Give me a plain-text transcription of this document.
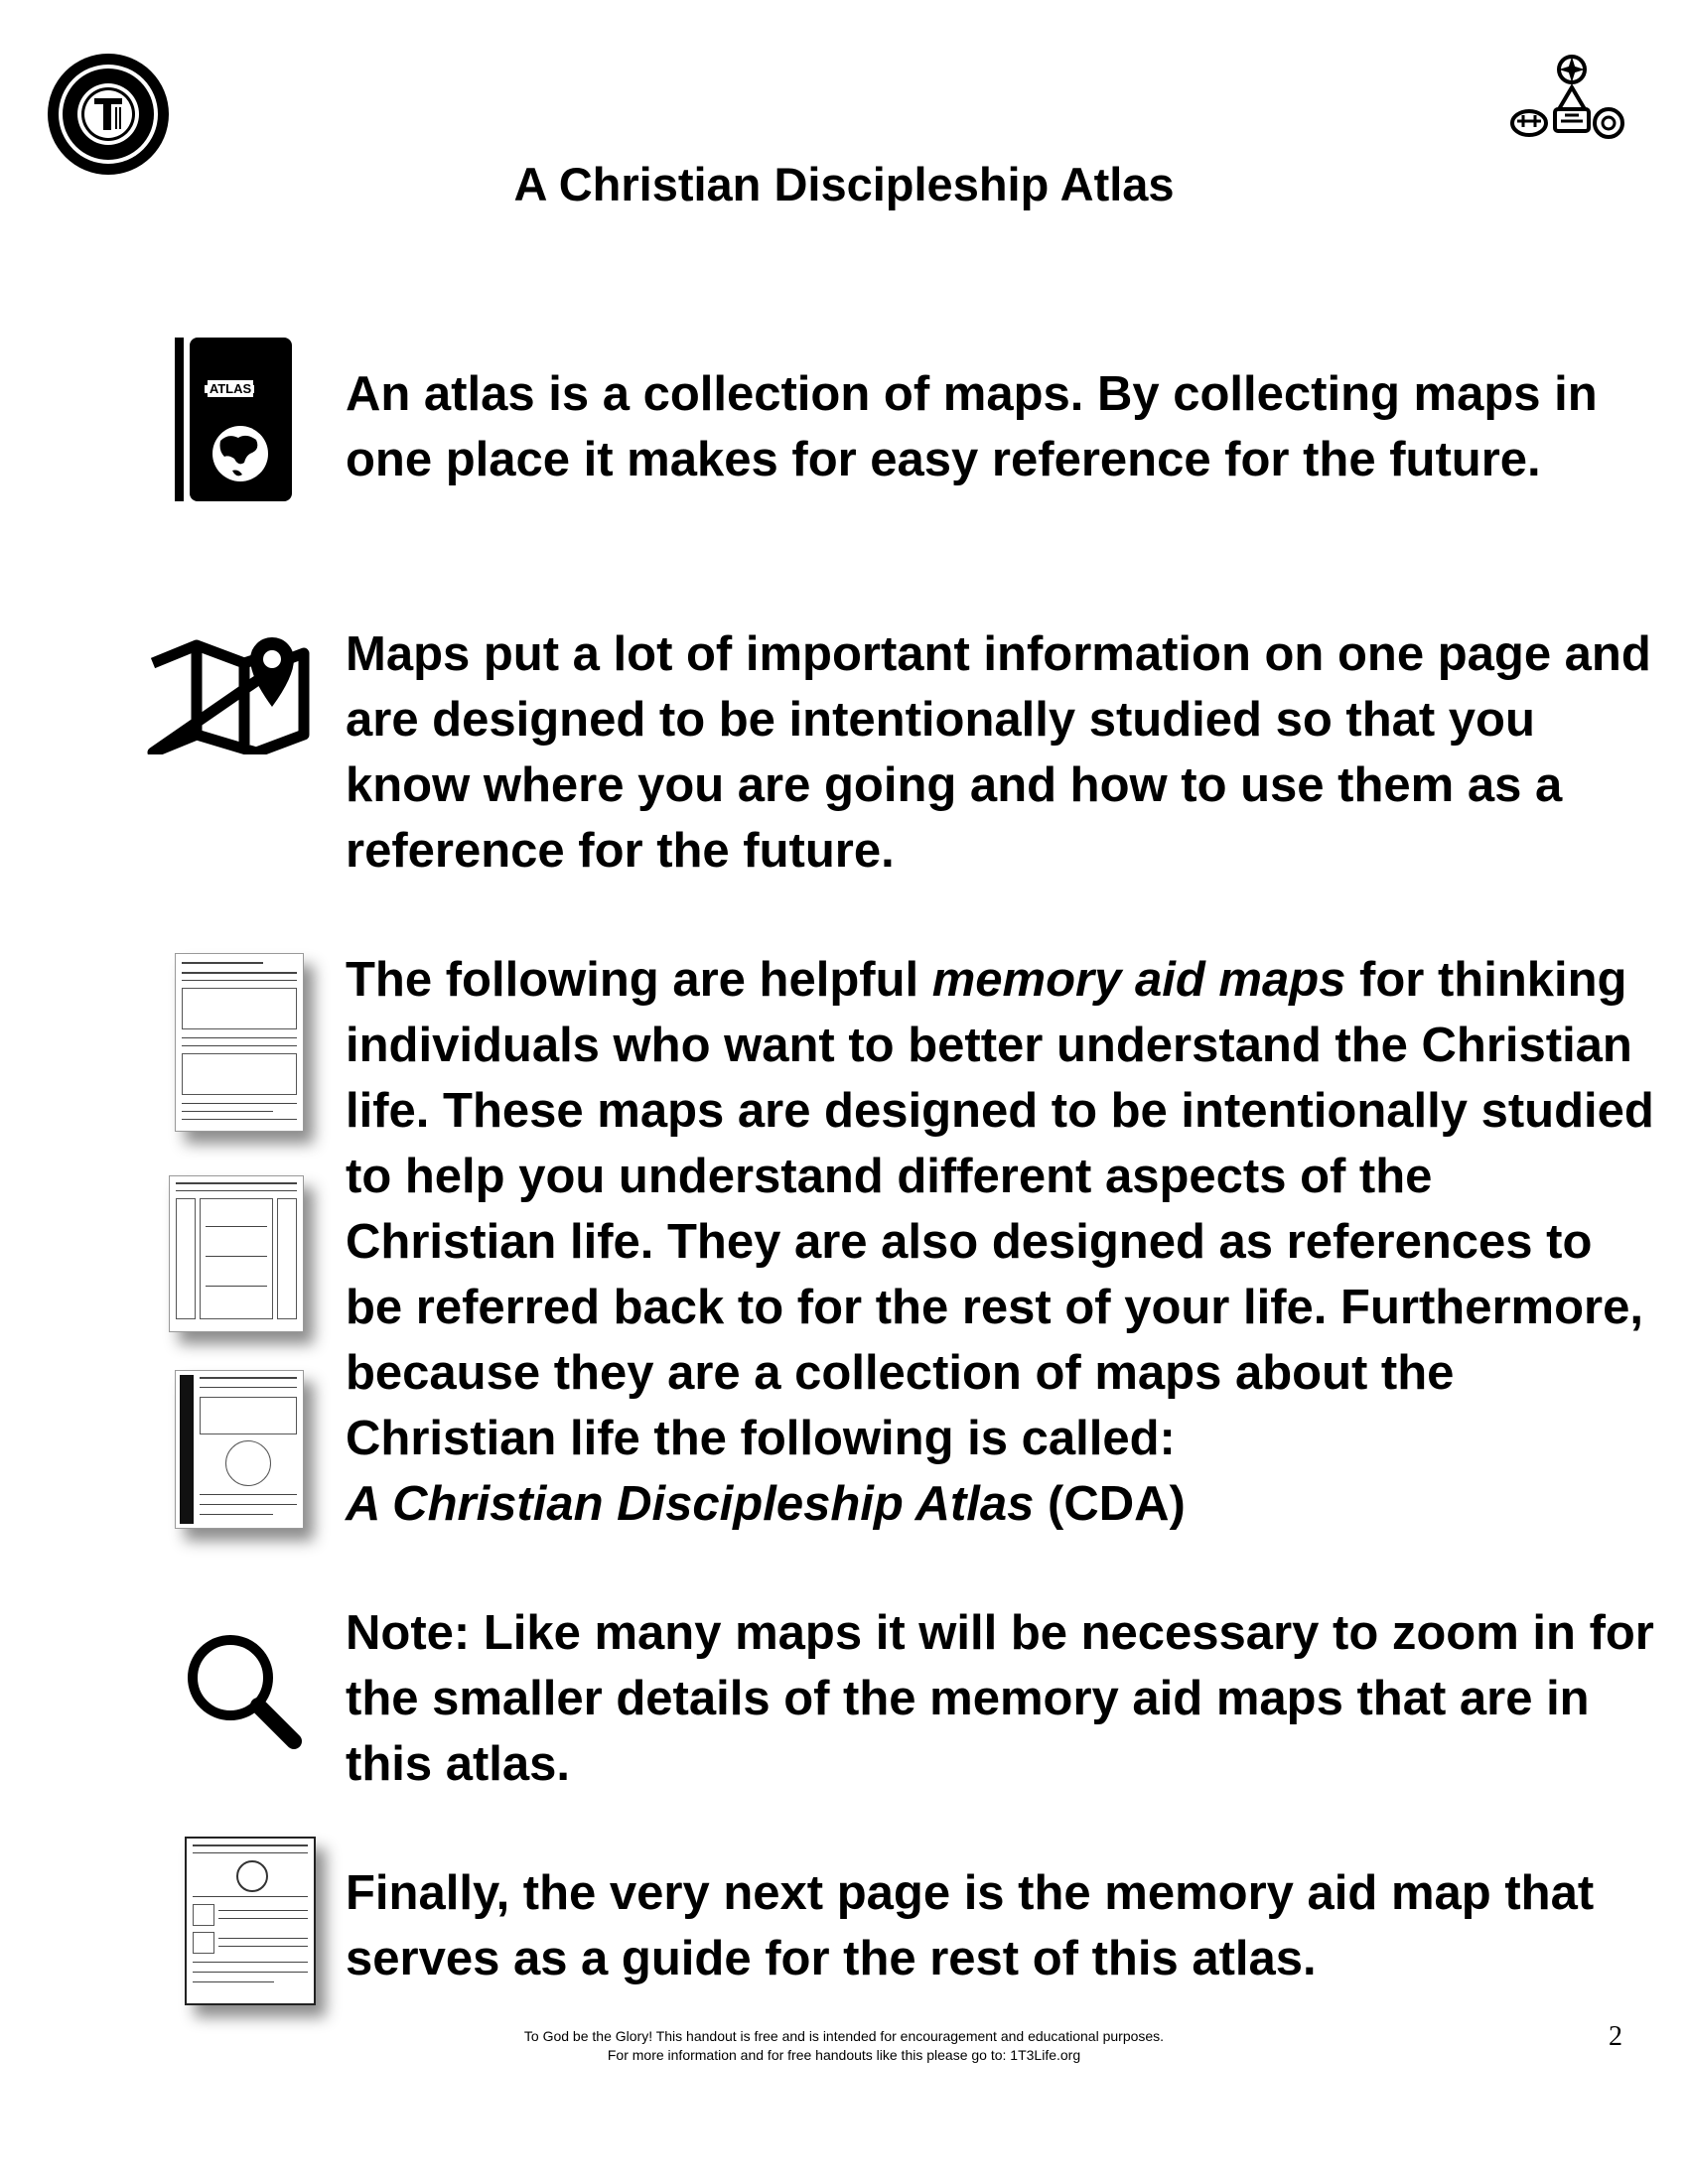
A Christian Discipleship Atlas
ATLAS An atlas is a collection of maps. By collecting maps in one place it makes for easy reference for the future.
Maps put a lot of important information on one page and are designed to be intentionally studied so that you know where you are going and how to use them as a reference for the future.
The following are helpful memory aid maps for thinking individuals who want to better understand the Christian life. These maps are designed to be intentionally studied to help you understand different aspects of the Christian life. They are also designed as references to be referred back to for the rest of your life. Furthermore, because they are a collection of maps about the Christian life the following is called:
A Christian Discipleship Atlas (CDA)
Note: Like many maps it will be necessary to zoom in for the smaller details of the memory aid maps that are in this atlas.
Finally, the very next page is the memory aid map that serves as a guide for the rest of this atlas.
To God be the Glory! This handout is free and is intended for encouragement and educational purposes.
For more information and for free handouts like this please go to: 1T3Life.org
2
